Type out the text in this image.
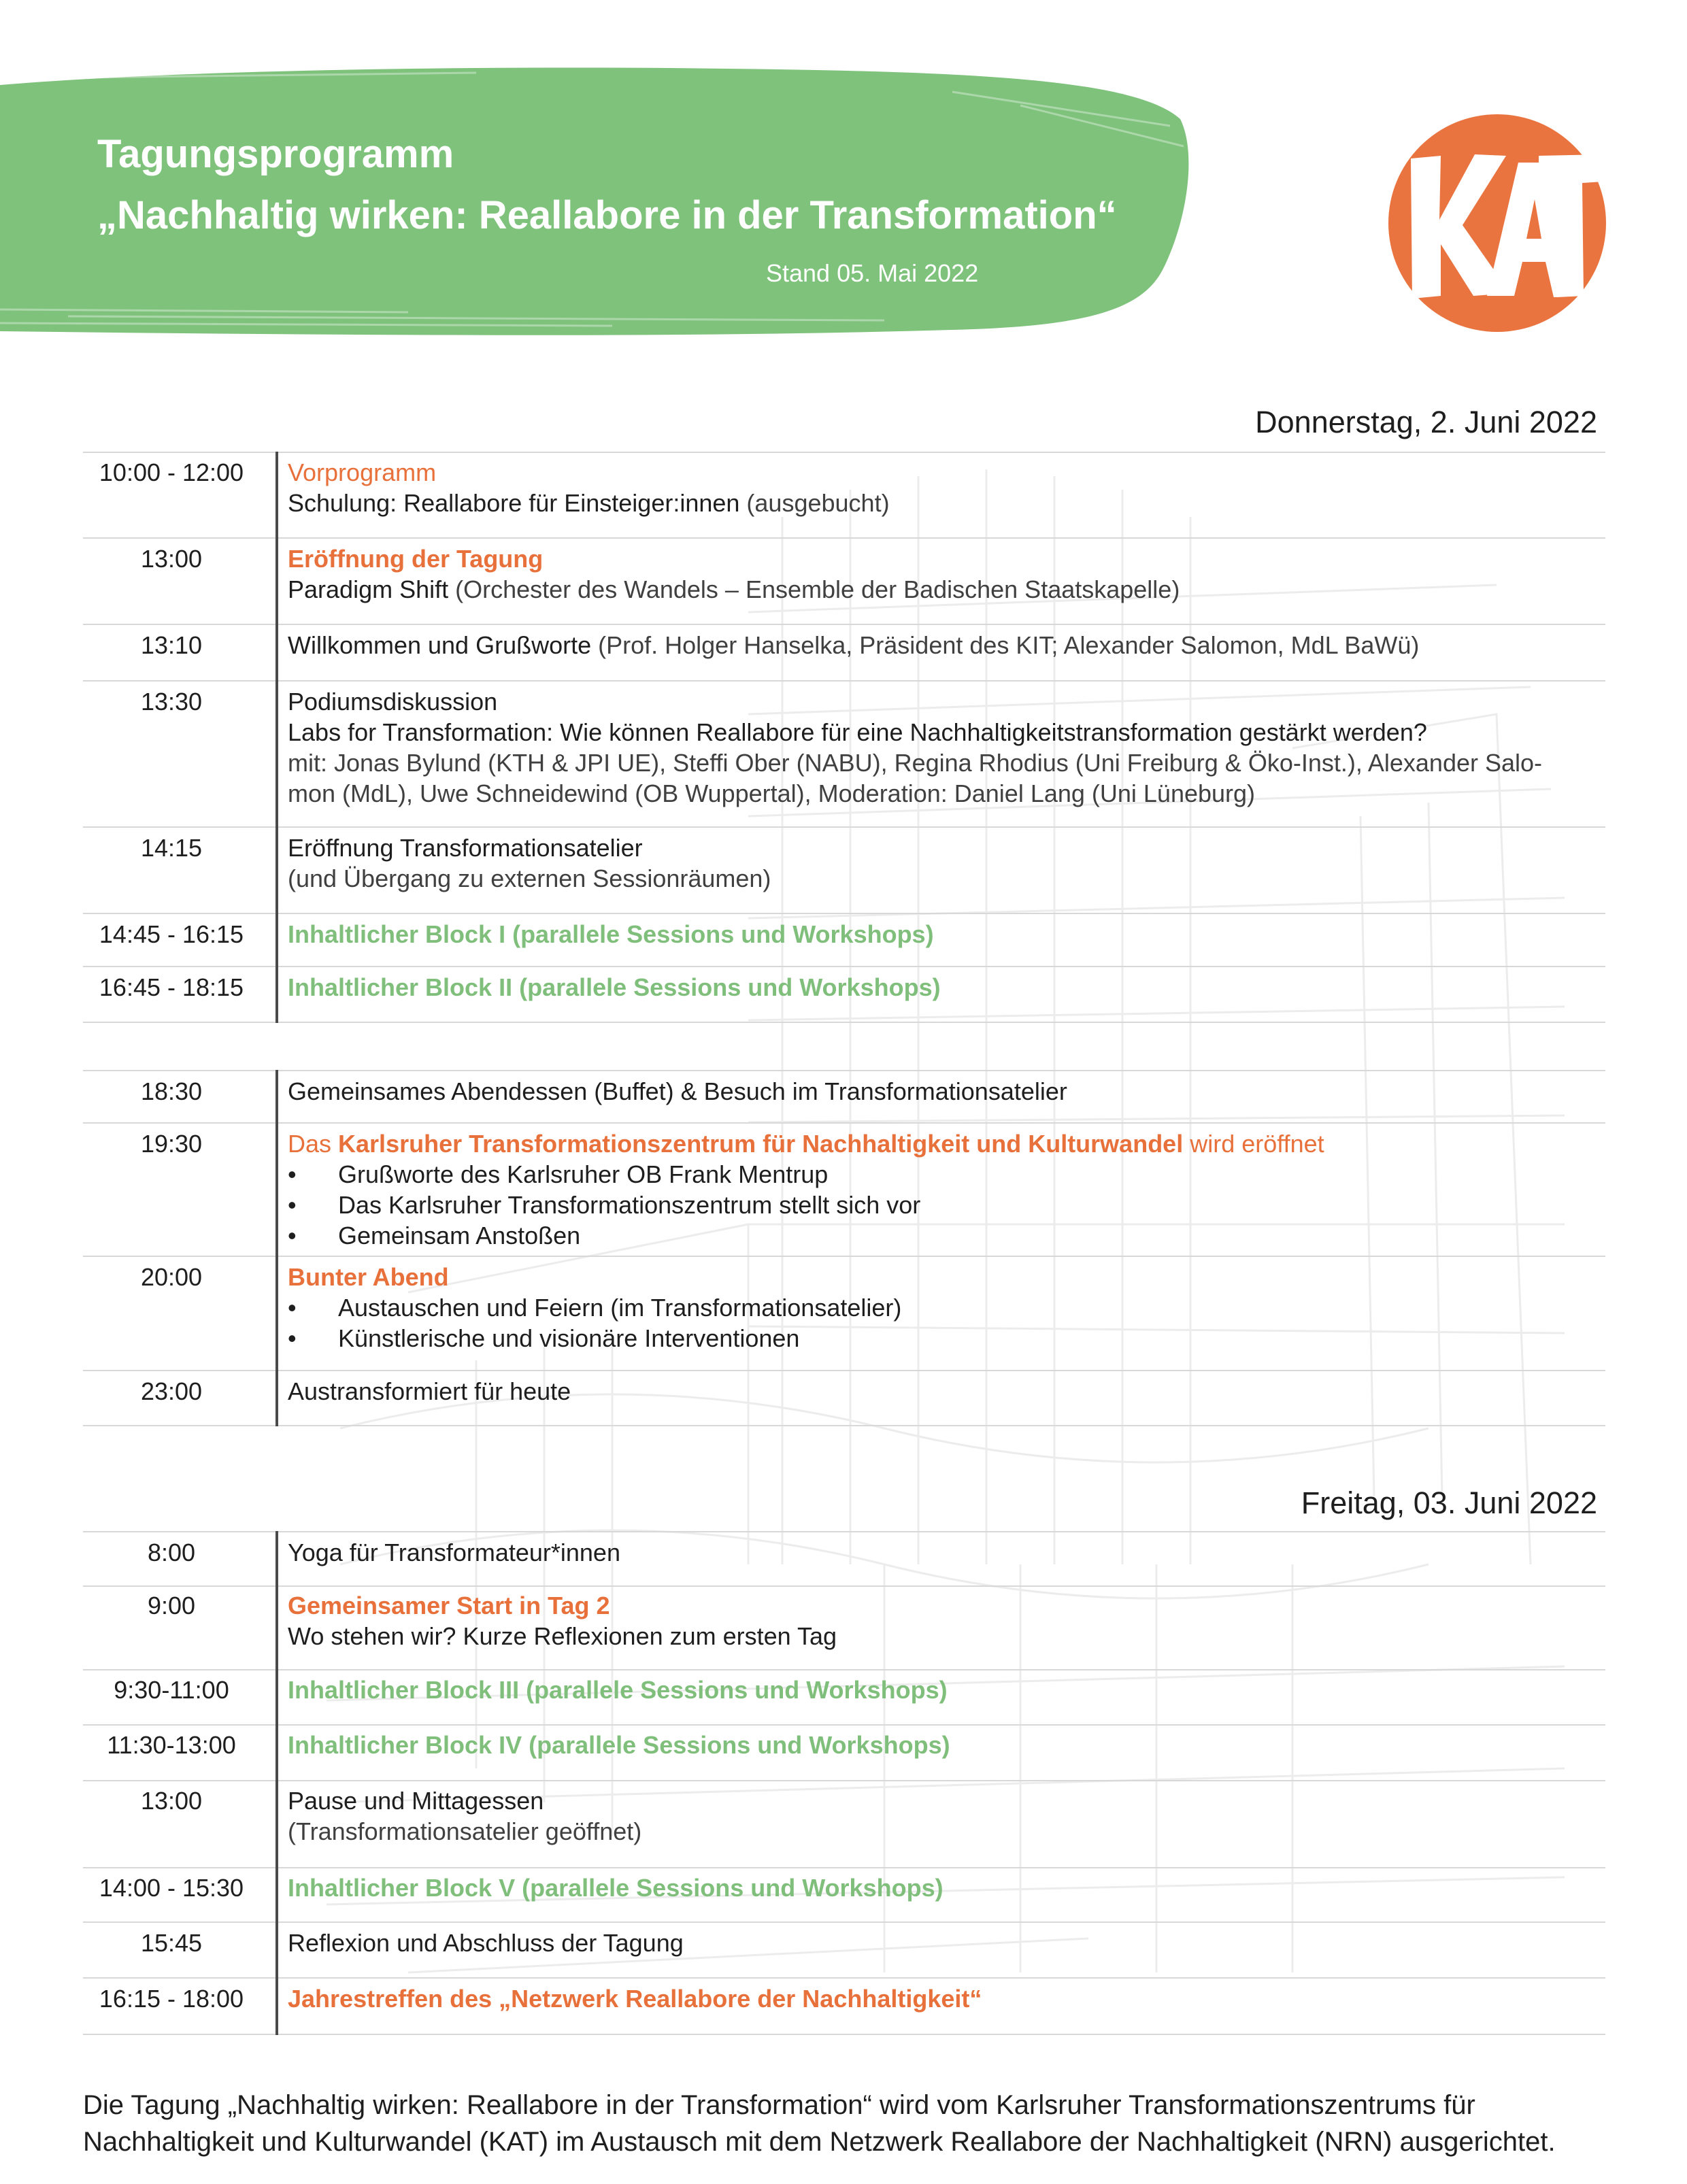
Tagungsprogramm
„Nachhaltig wirken: Reallabore in der Transformation“
Stand 05. Mai 2022
Donnerstag, 2. Juni 2022
10:00 - 12:00	Vorprogramm
Schulung: Reallabore für Einsteiger:innen (ausgebucht)
13:00	Eröffnung der Tagung
Paradigm Shift (Orchester des Wandels – Ensemble der Badischen Staatskapelle)
13:10	Willkommen und Grußworte (Prof. Holger Hanselka, Präsident des KIT; Alexander Salomon, MdL BaWü)
13:30	Podiumsdiskussion
Labs for Transformation: Wie können Reallabore für eine Nachhaltigkeitstransformation gestärkt werden?
mit: Jonas Bylund (KTH & JPI UE), Steffi Ober (NABU), Regina Rhodius (Uni Freiburg & Öko-Inst.), Alexander Salo-
mon (MdL), Uwe Schneidewind (OB Wuppertal), Moderation: Daniel Lang (Uni Lüneburg)
14:15	Eröffnung Transformationsatelier
(und Übergang zu externen Sessionräumen)
14:45 - 16:15	Inhaltlicher Block I (parallele Sessions und Workshops)
16:45 - 18:15	Inhaltlicher Block II (parallele Sessions und Workshops)
18:30	Gemeinsames Abendessen (Buffet) & Besuch im Transformationsatelier
19:30	Das Karlsruher Transformationszentrum für Nachhaltigkeit und Kulturwandel wird eröffnet
• Grußworte des Karlsruher OB Frank Mentrup
• Das Karlsruher Transformationszentrum stellt sich vor
• Gemeinsam Anstoßen
20:00	Bunter Abend
• Austauschen und Feiern (im Transformationsatelier)
• Künstlerische und visionäre Interventionen
23:00	Austransformiert für heute
Freitag, 03. Juni 2022
8:00	Yoga für Transformateur*innen
9:00	Gemeinsamer Start in Tag 2
Wo stehen wir? Kurze Reflexionen zum ersten Tag
9:30-11:00	Inhaltlicher Block III (parallele Sessions und Workshops)
11:30-13:00	Inhaltlicher Block IV (parallele Sessions und Workshops)
13:00	Pause und Mittagessen
(Transformationsatelier geöffnet)
14:00 - 15:30	Inhaltlicher Block V (parallele Sessions und Workshops)
15:45	Reflexion und Abschluss der Tagung
16:15 - 18:00	Jahrestreffen des „Netzwerk Reallabore der Nachhaltigkeit“
Die Tagung „Nachhaltig wirken: Reallabore in der Transformation“ wird vom Karlsruher Transformationszentrums für
Nachhaltigkeit und Kulturwandel (KAT) im Austausch mit dem Netzwerk Reallabore der Nachhaltigkeit (NRN) ausgerichtet.
